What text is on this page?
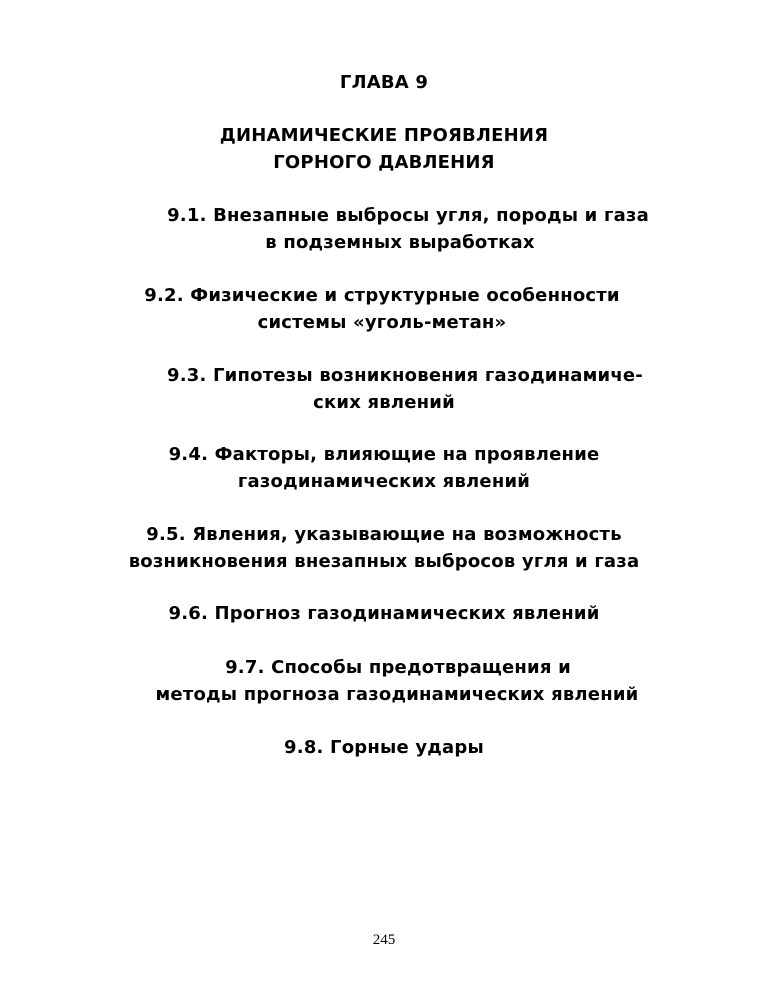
ГЛАВА 9
ДИНАМИЧЕСКИЕ ПРОЯВЛЕНИЯ
ГОРНОГО ДАВЛЕНИЯ
9.1. Внезапные выбросы угля, породы и газа
в подземных выработках
9.2. Физические и структурные особенности
системы «уголь-метан»
9.3. Гипотезы возникновения газодинамиче-
ских явлений
9.4. Факторы, влияющие на проявление
газодинамических явлений
9.5. Явления, указывающие на возможность
возникновения внезапных выбросов угля и газа
9.6. Прогноз газодинамических явлений
9.7. Способы предотвращения и
методы прогноза газодинамических явлений
9.8. Горные удары
245
